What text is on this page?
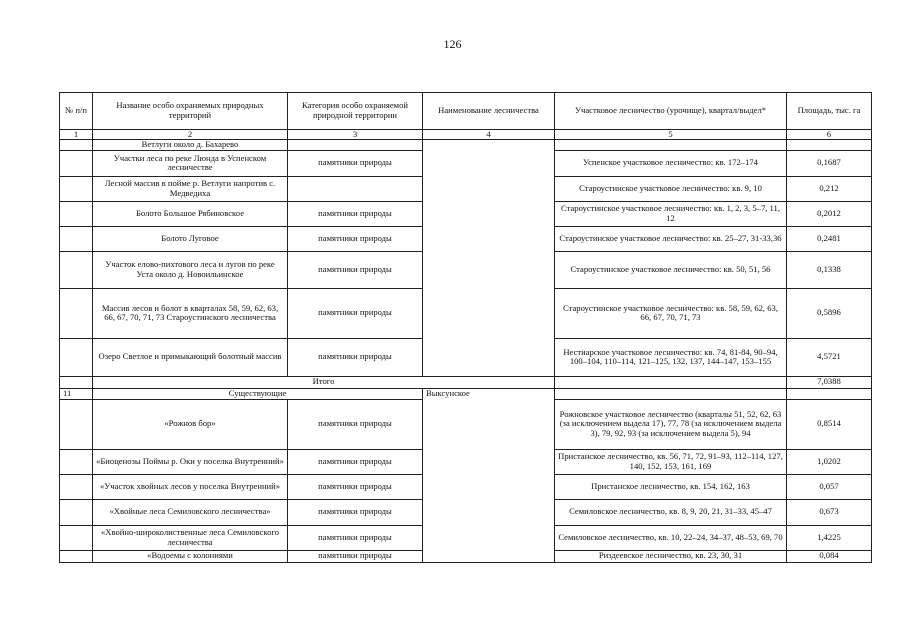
126
№ п/п	Название особо охраняемых природных территорий	Категория особо охраняемой природной территории	Наименование лесничества	Участковое лесничество (урочище), квартал/выдел*	Площадь, тыс. га
1	2	3	4	5	6
	Ветлуги около д. Бахарево				
	Участки леса по реке Люнда в Успенском лесничестве	памятники природы		Успенское участковое лесничество: кв. 172–174	0,1687
	Лесной массив в пойме р. Ветлуги напротив с. Медведиха			Староустинское участковое лесничество: кв. 9, 10	0,212
	Болото Большое Рябиновское	памятники природы		Староустинское участковое лесничество: кв. 1, 2, 3, 5–7, 11, 12	0,2012
	Болото Луговое	памятники природы		Староустинское участковое лесничество: кв. 25–27, 31-33,36	0,2481
	Участок елово-пихтового леса и лугов по реке Уста около д. Новоильинское	памятники природы		Староустинское участковое лесничество: кв. 50, 51, 56	0,1338
	Массив лесов и болот в кварталах 58, 59, 62, 63, 66, 67, 70, 71, 73 Староустинского лесничества	памятники природы		Староустинское участковое лесничество: кв. 58, 59, 62, 63, 66, 67, 70, 71, 73	0,5896
	Озеро Светлое и примыкающий болотный массив	памятники природы		Нестиарское участковое лесничество: кв. 74, 81-84, 90–94, 100–104, 110–114, 121–125, 132, 137, 144–147, 153–155	4,5721
	Итого				7,0388
11	Существующие		Выксунское		
	«Рожнов бор»	памятники природы		Рожновское участковое лесничество (кварталы 51, 52, 62, 63 (за исключением выдела 17), 77, 78 (за исключением выдела 3), 79, 92, 93 (за исключением выдела 5), 94	0,8514
	«Биоценозы Поймы р. Оки у поселка Внутренний»	памятники природы		Пристанское лесничество, кв. 56, 71, 72, 91–93, 112–114, 127, 140, 152, 153, 161, 169	1,0202
	«Участок хвойных лесов у поселка Внутренний»	памятники природы		Пристанское лесничество, кв. 154, 162, 163	0,057
	«Хвойные леса Семиловского лесничества»	памятники природы		Семиловское лесничество, кв. 8, 9, 20, 21, 31–33, 45–47	0,673
	«Хвойно-широколиственные леса Семиловского лесничества	памятники природы		Семиловское лесничество, кв. 10, 22–24, 34–37, 48–53, 69, 70	1,4225
	«Водоемы с колониями	памятники природы		Риздеевское лесничество, кв. 23, 30, 31	0,084
